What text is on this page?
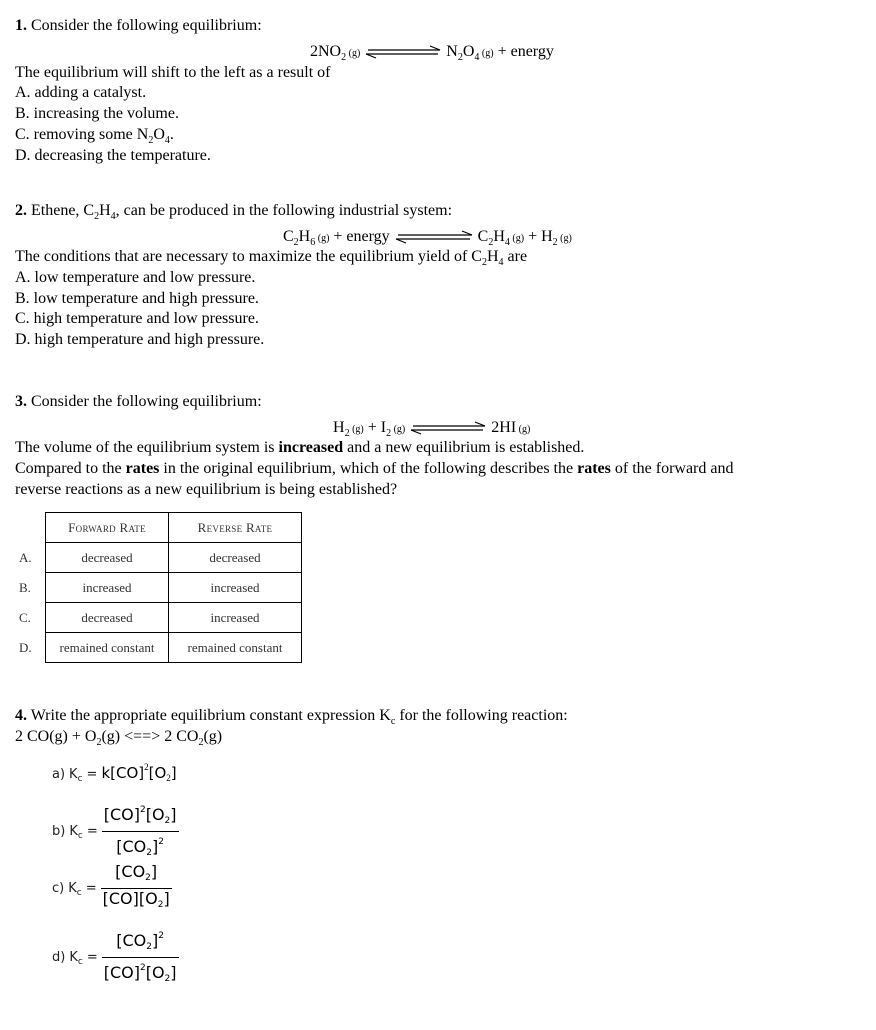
1. Consider the following equilibrium:
$2NO_2$ (g)	$N_2O_4$ (g) + energy
The equilibrium will shift to the left as a result of
A. adding a catalyst.
B. increasing the volume.
C. removing some $N_2O_4$.
D. decreasing the temperature.
2. Ethene, $C_2H_4$, can be produced in the following industrial system:
$C_2H_6$ (g) + energy	$C_2H_4$ $(g) + H_2$ (g)
The conditions that are necessary to maximize the equilibrium yield of $C_2H_4$ are
A. low temperature and low pressure.
B. low temperature and high pressure.
C. high temperature and low pressure.
D. high temperature and high pressure.
3. Consider the following equilibrium:
$H_2$ $(g) + I_2$ (g)	2HI (g)
The volume of the equilibrium system is increased and a new equilibrium is established.
Compared to the rates in the original equilibrium, which of the following describes the rates of the forward and
reverse reactions as a new equilibrium is being established?
	Forward Rate	Reverse Rate
A.	decreased	decreased
B.	increased	increased
C.	decreased	increased
D.	remained constant	remained constant
4. Write the appropriate equilibrium constant expression $K_c$ for the following reaction:
2 $CO(g) + O_2(g)$ <==> 2 $CO_2(g)$
a) $K_c = k[CO]^2[O2]$
b) $K_c = \frac{[CO]^2[O2]}{[CO2]^2}$
c) $K_c = \frac{[CO2]}{[CO][O2]}$
d) $K_c = \frac{[CO2]^2}{[CO]^2[O2]}$
